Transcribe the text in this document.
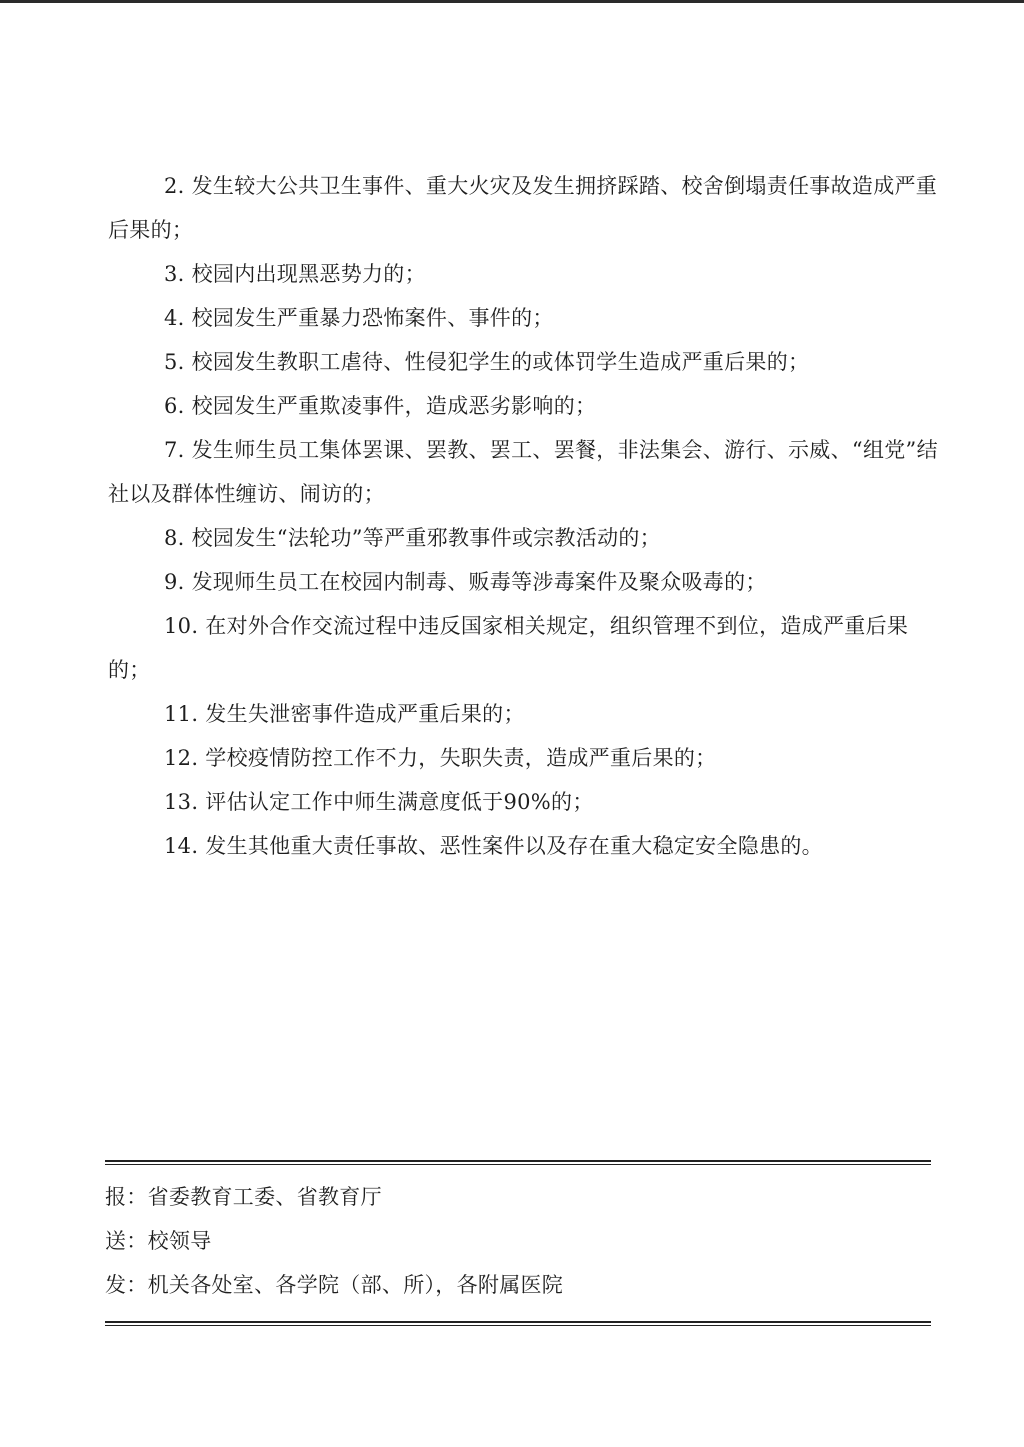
2. 发生较大公共卫生事件、重大火灾及发生拥挤踩踏、校舍倒塌责任事故造成严重后果的；

3. 校园内出现黑恶势力的；

4. 校园发生严重暴力恐怖案件、事件的；

5. 校园发生教职工虐待、性侵犯学生的或体罚学生造成严重后果的；

6. 校园发生严重欺凌事件，造成恶劣影响的；

7. 发生师生员工集体罢课、罢教、罢工、罢餐，非法集会、游行、示威、“组党”结社以及群体性缠访、闹访的；

8. 校园发生“法轮功”等严重邪教事件或宗教活动的；

9. 发现师生员工在校园内制毒、贩毒等涉毒案件及聚众吸毒的；

10. 在对外合作交流过程中违反国家相关规定，组织管理不到位，造成严重后果的；

11. 发生失泄密事件造成严重后果的；

12. 学校疫情防控工作不力，失职失责，造成严重后果的；

13. 评估认定工作中师生满意度低于90%的；

14. 发生其他重大责任事故、恶性案件以及存在重大稳定安全隐患的。

报：省委教育工委、省教育厅
送：校领导
发：机关各处室、各学院（部、所），各附属医院
